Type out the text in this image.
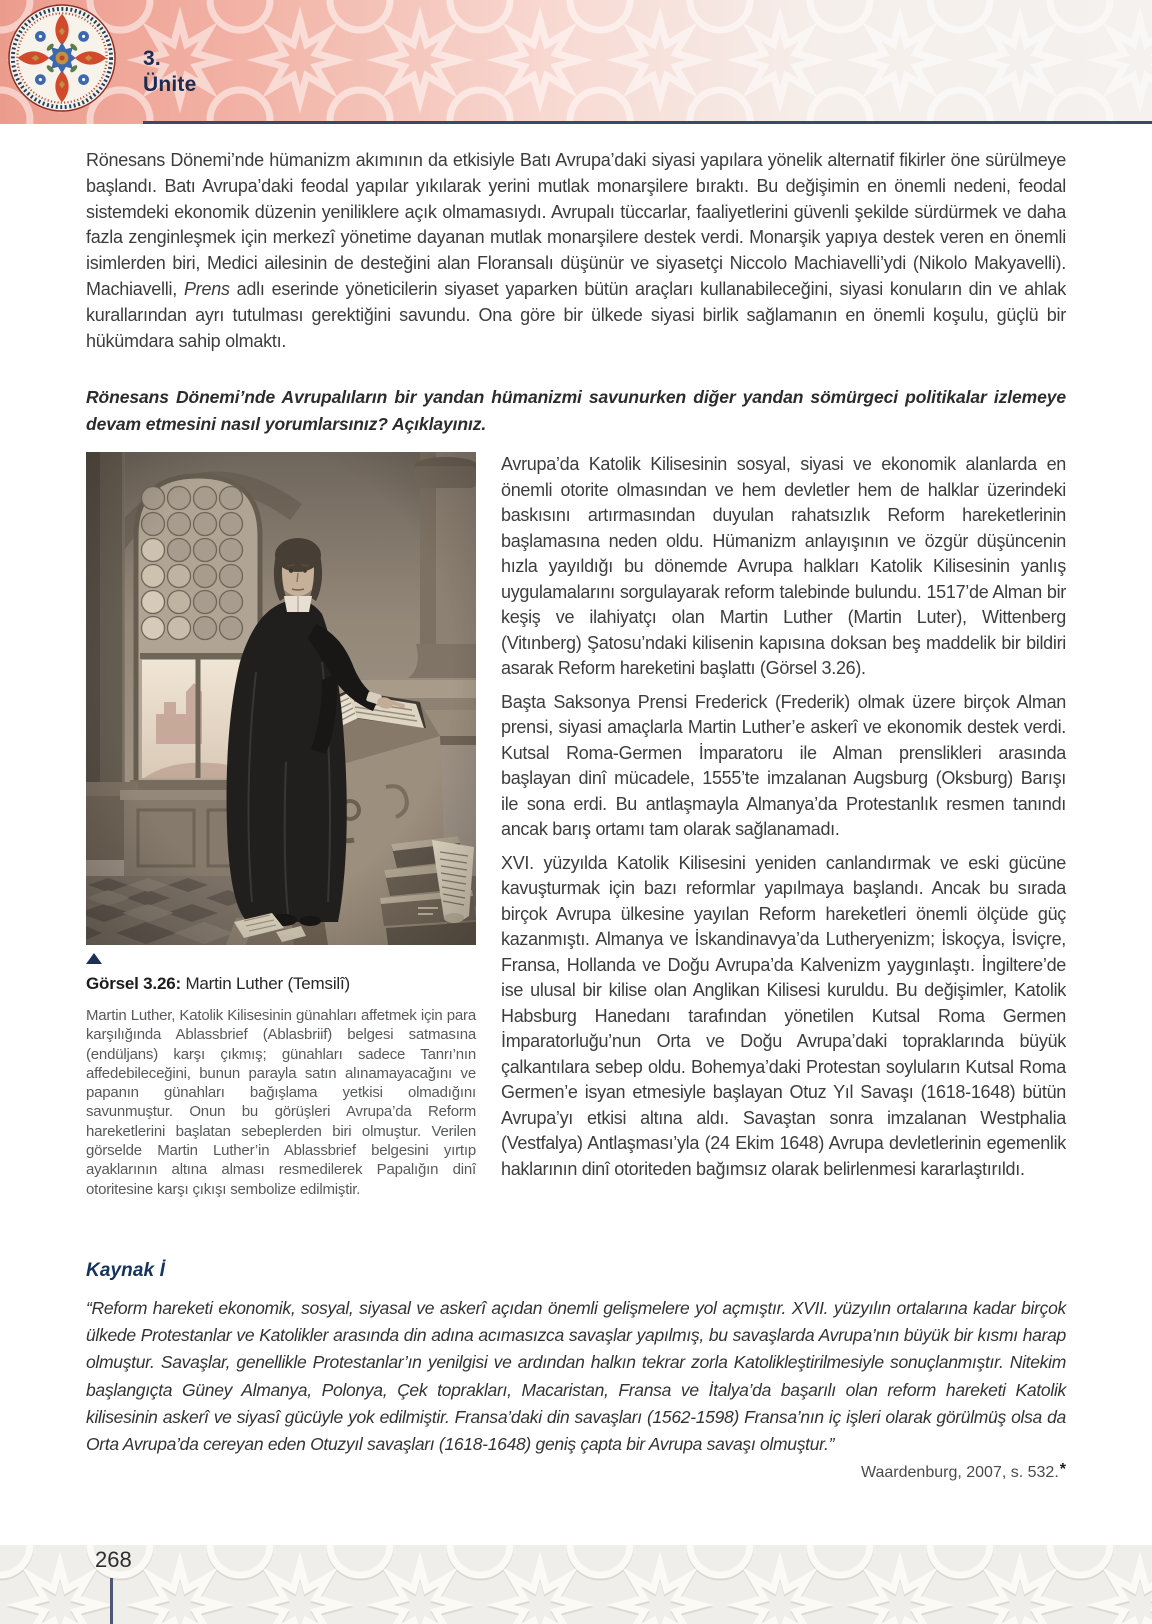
3.
Ünite

Rönesans Dönemi’nde hümanizm akımının da etkisiyle Batı Avrupa’daki siyasi yapılara yönelik alternatif fikirler öne sürülmeye başlandı. Batı Avrupa’daki feodal yapılar yıkılarak yerini mutlak monarşilere bıraktı. Bu değişimin en önemli nedeni, feodal sistemdeki ekonomik düzenin yeniliklere açık olmamasıydı. Avrupalı tüccarlar, faaliyetlerini güvenli şekilde sürdürmek ve daha fazla zenginleşmek için merkezî yönetime dayanan mutlak monarşilere destek verdi. Monarşik yapıya destek veren en önemli isimlerden biri, Medici ailesinin de desteğini alan Floransalı düşünür ve siyasetçi Niccolo Machiavelli’ydi (Nikolo Makyavelli). Machiavelli, Prens adlı eserinde yöneticilerin siyaset yaparken bütün araçları kullanabileceğini, siyasi konuların din ve ahlak kurallarından ayrı tutulması gerektiğini savundu. Ona göre bir ülkede siyasi birlik sağlamanın en önemli koşulu, güçlü bir hükümdara sahip olmaktı.

Rönesans Dönemi’nde Avrupalıların bir yandan hümanizmi savunurken diğer yandan sömürgeci politikalar izlemeye devam etmesini nasıl yorumlarsınız? Açıklayınız.

Görsel 3.26: Martin Luther (Temsilî)

Martin Luther, Katolik Kilisesinin günahları affetmek için para karşılığında Ablassbrief (Ablasbriif) belgesi satmasına (endüljans) karşı çıkmış; günahları sadece Tanrı’nın affedebileceğini, bunun parayla satın alınamayacağını ve papanın günahları bağışlama yetkisi olmadığını savunmuştur. Onun bu görüşleri Avrupa’da Reform hareketlerini başlatan sebeplerden biri olmuştur. Verilen görselde Martin Luther’in Ablassbrief belgesini yırtıp ayaklarının altına alması resmedilerek Papalığın dinî otoritesine karşı çıkışı sembolize edilmiştir.

Avrupa’da Katolik Kilisesinin sosyal, siyasi ve ekonomik alanlarda en önemli otorite olmasından ve hem devletler hem de halklar üzerindeki baskısını artırmasından duyulan rahatsızlık Reform hareketlerinin başlamasına neden oldu. Hümanizm anlayışının ve özgür düşüncenin hızla yayıldığı bu dönemde Avrupa halkları Katolik Kilisesinin yanlış uygulamalarını sorgulayarak reform talebinde bulundu. 1517’de Alman bir keşiş ve ilahiyatçı olan Martin Luther (Martin Luter), Wittenberg (Vitınberg) Şatosu’ndaki kilisenin kapısına doksan beş maddelik bir bildiri asarak Reform hareketini başlattı (Görsel 3.26).

Başta Saksonya Prensi Frederick (Frederik) olmak üzere birçok Alman prensi, siyasi amaçlarla Martin Luther’e askerî ve ekonomik destek verdi. Kutsal Roma-Germen İmparatoru ile Alman prenslikleri arasında başlayan dinî mücadele, 1555’te imzalanan Augsburg (Oksburg) Barışı ile sona erdi. Bu antlaşmayla Almanya’da Protestanlık resmen tanındı ancak barış ortamı tam olarak sağlanamadı.

XVI. yüzyılda Katolik Kilisesini yeniden canlandırmak ve eski gücüne kavuşturmak için bazı reformlar yapılmaya başlandı. Ancak bu sırada birçok Avrupa ülkesine yayılan Reform hareketleri önemli ölçüde güç kazanmıştı. Almanya ve İskandinavya’da Lutheryenizm; İskoçya, İsviçre, Fransa, Hollanda ve Doğu Avrupa’da Kalvenizm yaygınlaştı. İngiltere’de ise ulusal bir kilise olan Anglikan Kilisesi kuruldu. Bu değişimler, Katolik Habsburg Hanedanı tarafından yönetilen Kutsal Roma Germen İmparatorluğu’nun Orta ve Doğu Avrupa’daki topraklarında büyük çalkantılara sebep oldu. Bohemya’daki Protestan soyluların Kutsal Roma Germen’e isyan etmesiyle başlayan Otuz Yıl Savaşı (1618-1648) bütün Avrupa’yı etkisi altına aldı. Savaştan sonra imzalanan Westphalia (Vestfalya) Antlaşması’yla (24 Ekim 1648) Avrupa devletlerinin egemenlik haklarının dinî otoriteden bağımsız olarak belirlenmesi kararlaştırıldı.

Kaynak İ

“Reform hareketi ekonomik, sosyal, siyasal ve askerî açıdan önemli gelişmelere yol açmıştır. XVII. yüzyılın ortalarına kadar birçok ülkede Protestanlar ve Katolikler arasında din adına acımasızca savaşlar yapılmış, bu savaşlarda Avrupa’nın büyük bir kısmı harap olmuştur. Savaşlar, genellikle Protestanlar’ın yenilgisi ve ardından halkın tekrar zorla Katolikleştirilmesiyle sonuçlanmıştır. Nitekim başlangıçta Güney Almanya, Polonya, Çek toprakları, Macaristan, Fransa ve İtalya’da başarılı olan reform hareketi Katolik kilisesinin askerî ve siyasî gücüyle yok edilmiştir. Fransa’daki din savaşları (1562-1598) Fransa’nın iç işleri olarak görülmüş olsa da Orta Avrupa’da cereyan eden Otuzyıl savaşları (1618-1648) geniş çapta bir Avrupa savaşı olmuştur.”

Waardenburg, 2007, s. 532.*

268
